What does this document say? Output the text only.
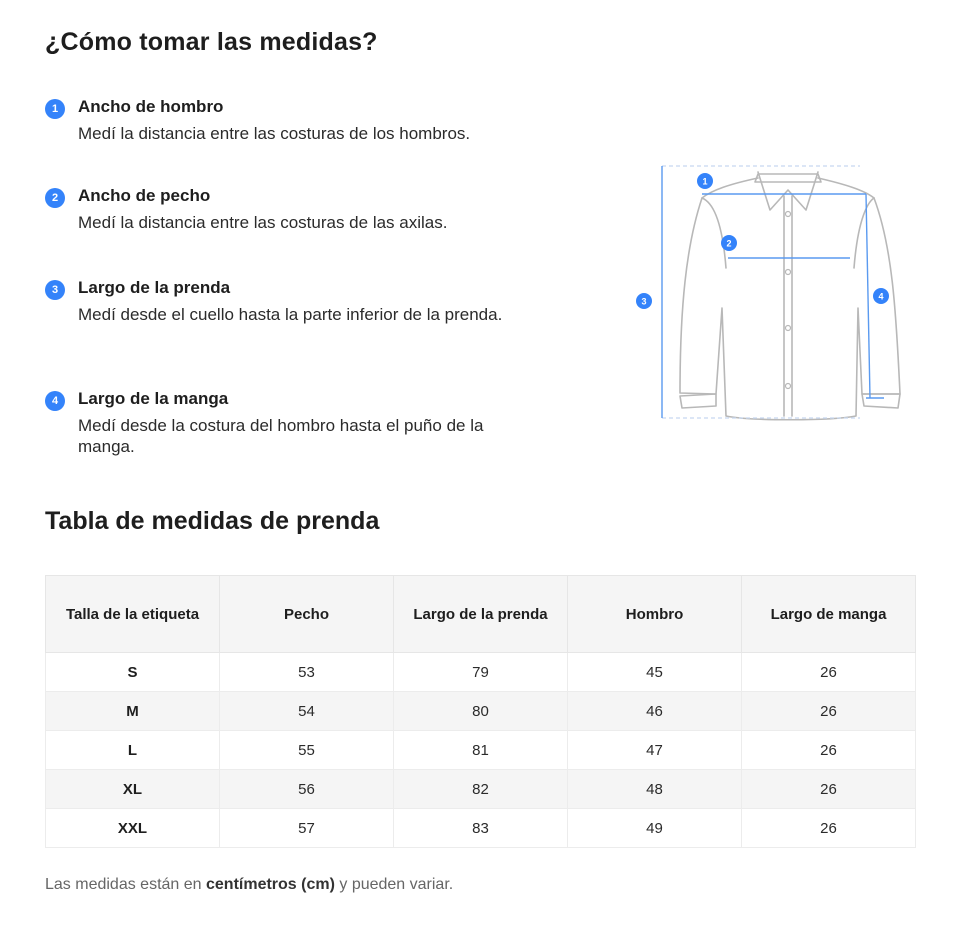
¿Cómo tomar las medidas?
1	Ancho de hombro
Medí la distancia entre las costuras de los hombros.
2	Ancho de pecho
Medí la distancia entre las costuras de las axilas.
3	Largo de la prenda
Medí desde el cuello hasta la parte inferior de la prenda.
4	Largo de la manga
Medí desde la costura del hombro hasta el puño de la manga.
1
2
3	4
Tabla de medidas de prenda
Talla de la etiqueta	Pecho	Largo de la prenda	Hombro	Largo de manga
S	53	79	45	26
M	54	80	46	26
L	55	81	47	26
XL	56	82	48	26
XXL	57	83	49	26
Las medidas están en centímetros (cm) y pueden variar.
